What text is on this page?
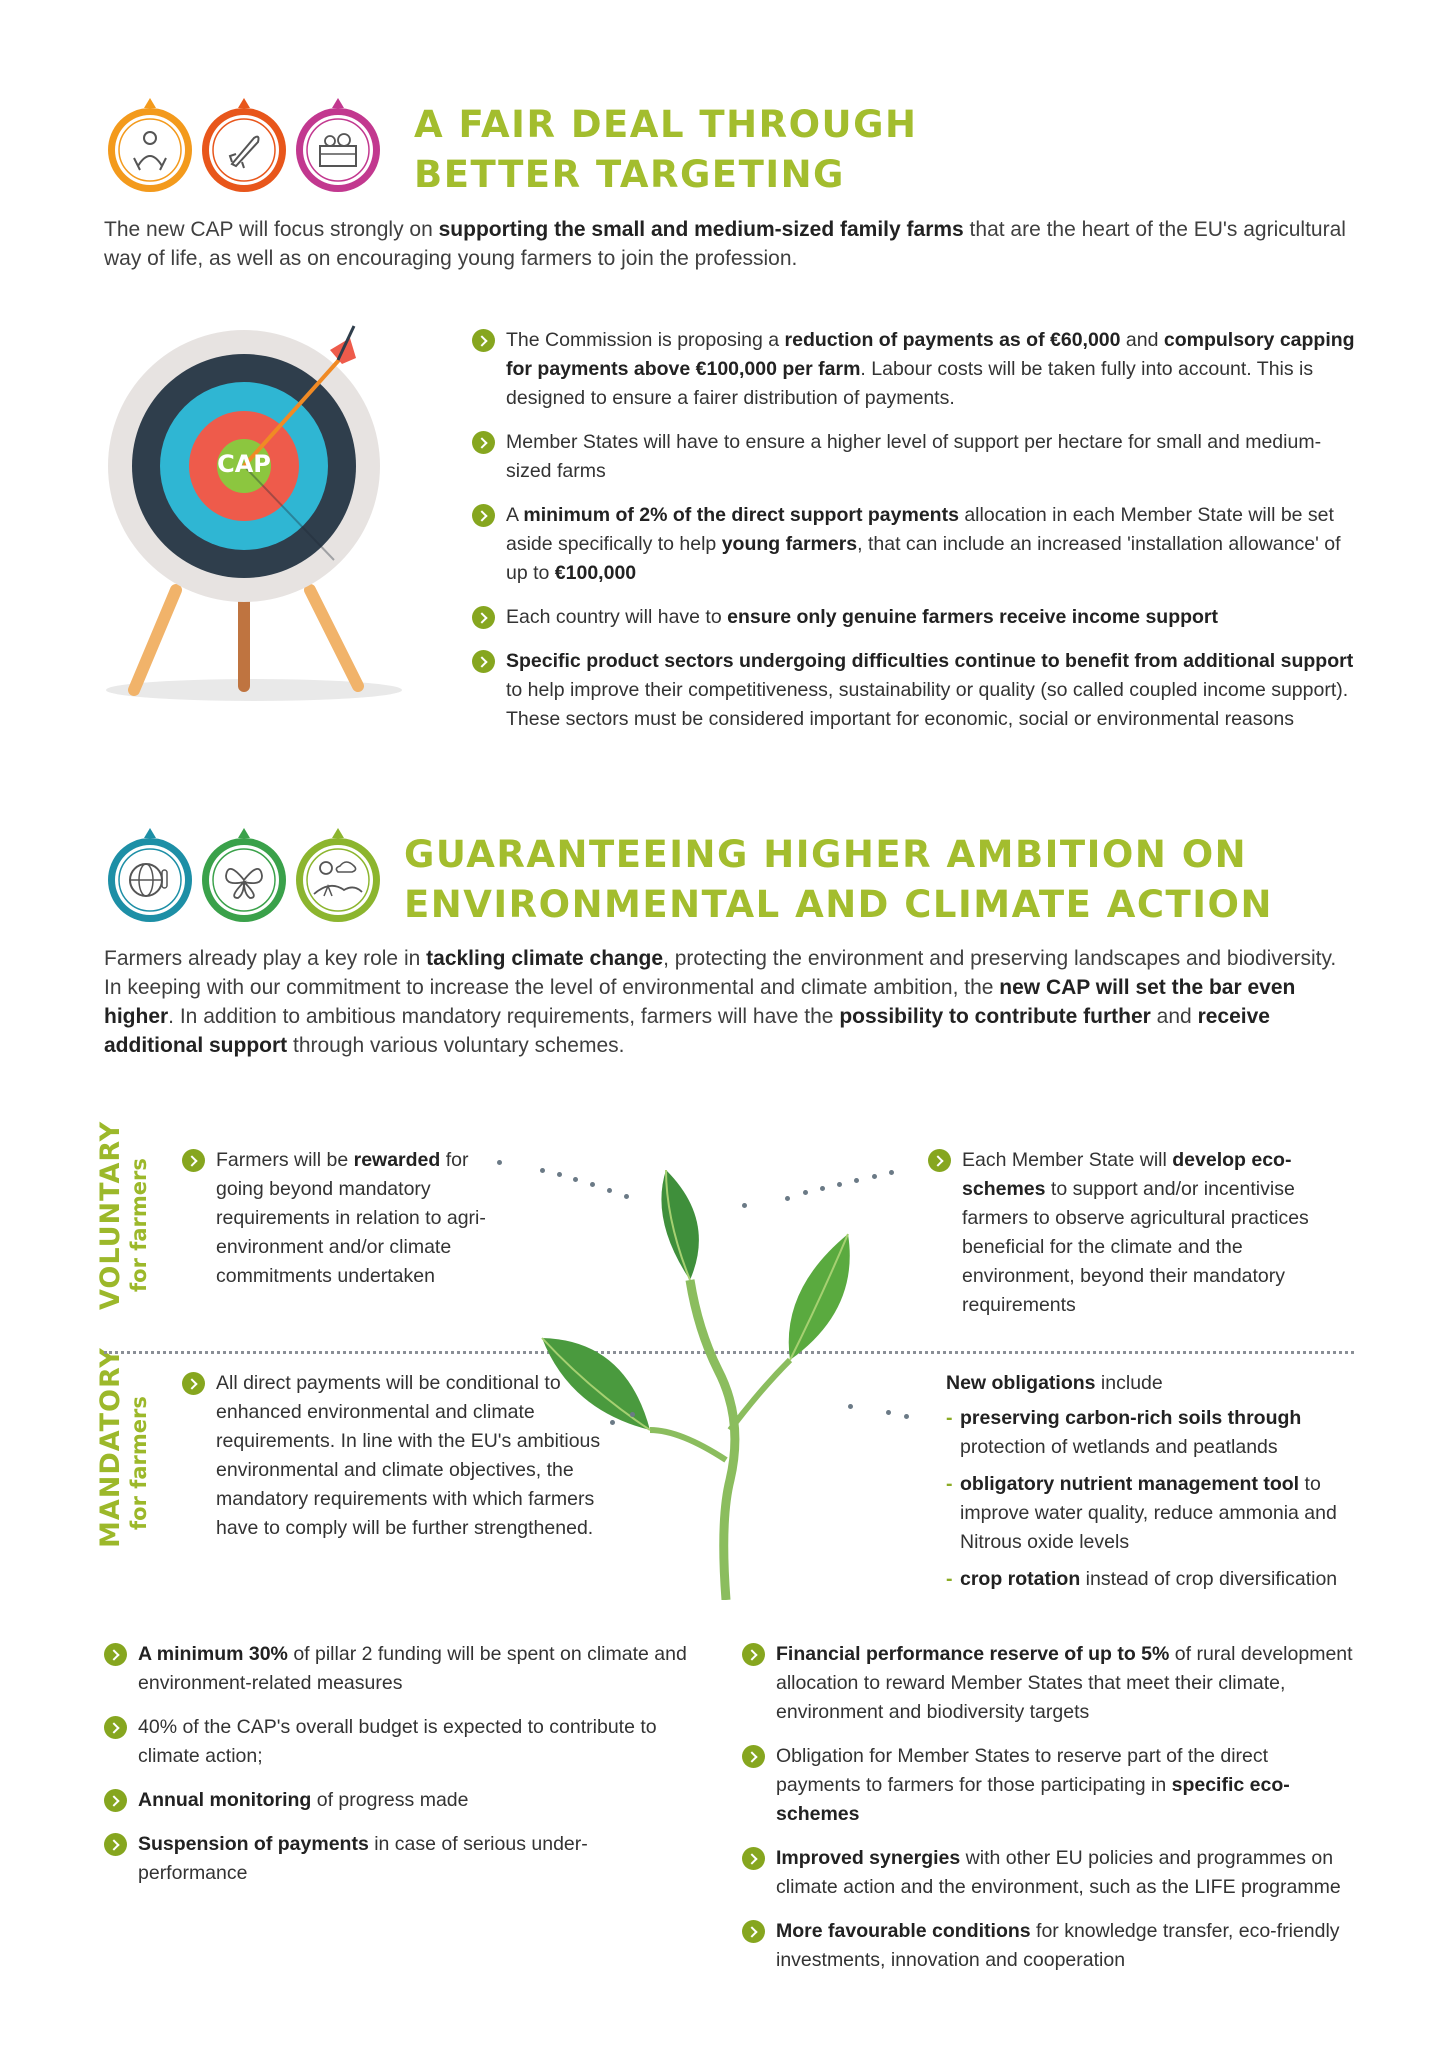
A FAIR DEAL THROUGH
BETTER TARGETING
The new CAP will focus strongly on supporting the small and medium-sized family farms that are the heart of the EU's agricultural way of life, as well as on encouraging young farmers to join the profession.
CAP
The Commission is proposing a reduction of payments as of €60,000 and compulsory capping for payments above €100,000 per farm. Labour costs will be taken fully into account. This is designed to ensure a fairer distribution of payments.
Member States will have to ensure a higher level of support per hectare for small and medium-sized farms
A minimum of 2% of the direct support payments allocation in each Member State will be set aside specifically to help young farmers, that can include an increased 'installation allowance' of up to €100,000
Each country will have to ensure only genuine farmers receive income support
Specific product sectors undergoing difficulties continue to benefit from additional support to help improve their competitiveness, sustainability or quality (so called coupled income support). These sectors must be considered important for economic, social or environmental reasons
GUARANTEEING HIGHER AMBITION ON
ENVIRONMENTAL AND CLIMATE ACTION
Farmers already play a key role in tackling climate change, protecting the environment and preserving landscapes and biodiversity. In keeping with our commitment to increase the level of environmental and climate ambition, the new CAP will set the bar even higher. In addition to ambitious mandatory requirements, farmers will have the possibility to contribute further and receive additional support through various voluntary schemes.
VOLUNTARY for farmers
MANDATORY for farmers
Farmers will be rewarded for going beyond mandatory requirements in relation to agri-environment and/or climate commitments undertaken
Each Member State will develop eco-schemes to support and/or incentivise farmers to observe agricultural practices beneficial for the climate and the environment, beyond their mandatory requirements
All direct payments will be conditional to enhanced environmental and climate requirements. In line with the EU's ambitious environmental and climate objectives, the mandatory requirements with which farmers have to comply will be further strengthened.
New obligations include
- preserving carbon-rich soils through protection of wetlands and peatlands
- obligatory nutrient management tool to improve water quality, reduce ammonia and Nitrous oxide levels
- crop rotation instead of crop diversification
A minimum 30% of pillar 2 funding will be spent on climate and environment-related measures
40% of the CAP's overall budget is expected to contribute to climate action;
Annual monitoring of progress made
Suspension of payments in case of serious under-performance
Financial performance reserve of up to 5% of rural development allocation to reward Member States that meet their climate, environment and biodiversity targets
Obligation for Member States to reserve part of the direct payments to farmers for those participating in specific eco-schemes
Improved synergies with other EU policies and programmes on climate action and the environment, such as the LIFE programme
More favourable conditions for knowledge transfer, eco-friendly investments, innovation and cooperation
